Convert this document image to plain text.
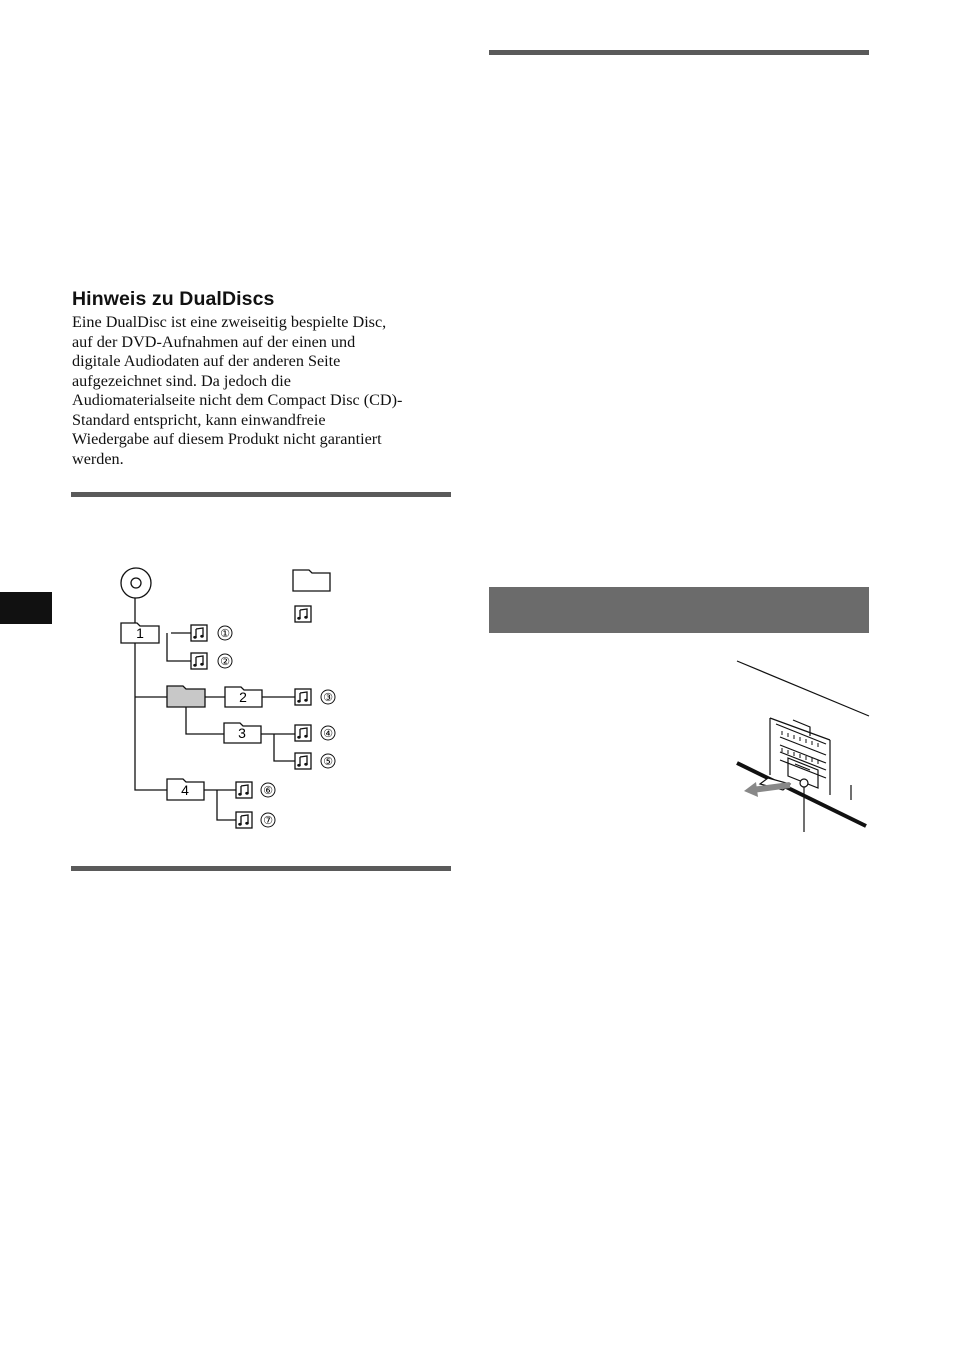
Hinweis zu DualDiscs
Eine DualDisc ist eine zweiseitig bespielte Disc,
auf der DVD-Aufnahmen auf der einen und
digitale Audiodaten auf der anderen Seite
aufgezeichnet sind. Da jedoch die
Audiomaterialseite nicht dem Compact Disc (CD)-
Standard entspricht, kann einwandfreie
Wiedergabe auf diesem Produkt nicht garantiert
werden.
1
2
3
4
①
②
③
④
⑤
⑥
⑦
